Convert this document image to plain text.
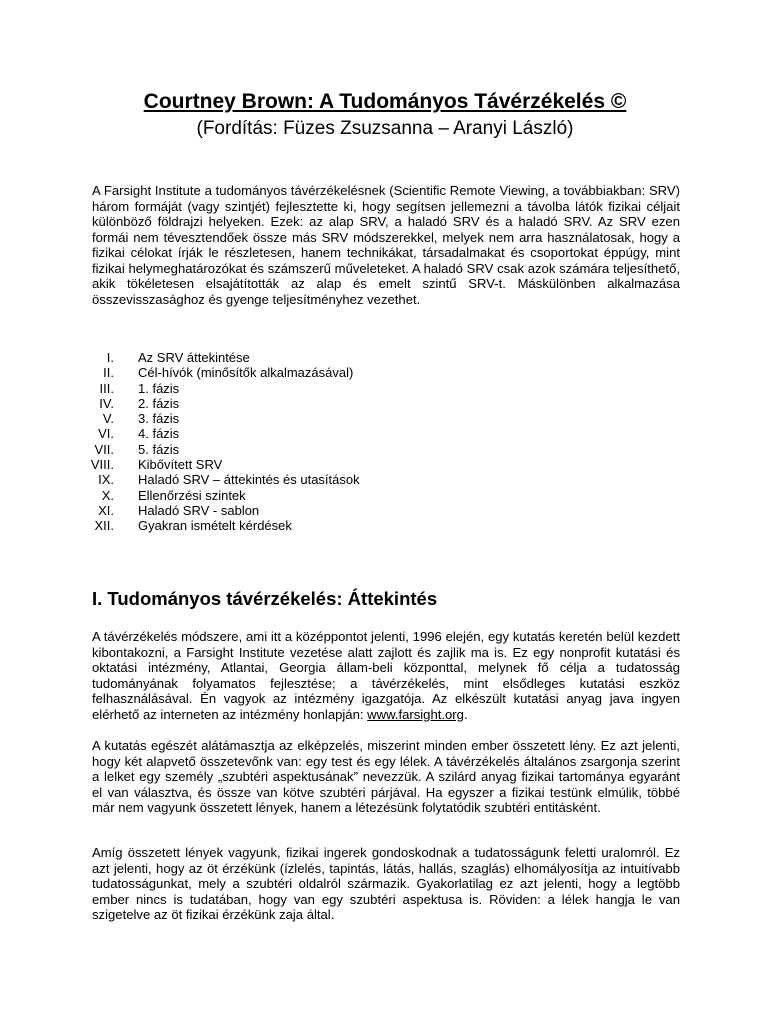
Courtney Brown: A Tudományos Távérzékelés ©

(Fordítás: Füzes Zsuzsanna – Aranyi László)

A Farsight Institute a tudományos távérzékelésnek (Scientific Remote Viewing, a továbbiakban: SRV) három formáját (vagy szintjét) fejlesztette ki, hogy segítsen jellemezni a távolba látók fizikai céljait különböző földrajzi helyeken. Ezek: az alap SRV, a haladó SRV és a haladó SRV. Az SRV ezen formái nem tévesztendőek össze más SRV módszerekkel, melyek nem arra használatosak, hogy a fizikai célokat írják le részletesen, hanem technikákat, társadalmakat és csoportokat éppúgy, mint fizikai helymeghatározókat és számszerű műveleteket. A haladó SRV csak azok számára teljesíthető, akik tökéletesen elsajátították az alap és emelt szintű SRV-t. Máskülönben alkalmazása összevisszasághoz és gyenge teljesítményhez vezethet.

I. Az SRV áttekintése
II. Cél-hívók (minősítők alkalmazásával)
III. 1. fázis
IV. 2. fázis
V. 3. fázis
VI. 4. fázis
VII. 5. fázis
VIII. Kibővített SRV
IX. Haladó SRV – áttekintés és utasítások
X. Ellenőrzési szintek
XI. Haladó SRV - sablon
XII. Gyakran ismételt kérdések
I. Tudományos távérzékelés: Áttekintés

A távérzékelés módszere, ami itt a középpontot jelenti, 1996 elején, egy kutatás keretén belül kezdett kibontakozni, a Farsight Institute vezetése alatt zajlott és zajlik ma is. Ez egy nonprofit kutatási és oktatási intézmény, Atlantai, Georgia állam-beli központtal, melynek fő célja a tudatosság tudományának folyamatos fejlesztése; a távérzékelés, mint elsődleges kutatási eszköz felhasználásával. Én vagyok az intézmény igazgatója. Az elkészült kutatási anyag java ingyen elérhető az interneten az intézmény honlapján: www.farsight.org.

A kutatás egészét alátámasztja az elképzelés, miszerint minden ember összetett lény. Ez azt jelenti, hogy két alapvető összetevőnk van: egy test és egy lélek. A távérzékelés általános zsargonja szerint a lelket egy személy „szubtéri aspektusának” nevezzük. A szilárd anyag fizikai tartománya egyaránt el van választva, és össze van kötve szubtéri párjával. Ha egyszer a fizikai testünk elmúlik, többé már nem vagyunk összetett lények, hanem a létezésünk folytatódik szubtéri entitásként.

Amíg összetett lények vagyunk, fizikai ingerek gondoskodnak a tudatosságunk feletti uralomról. Ez azt jelenti, hogy az öt érzékünk (ízlelés, tapintás, látás, hallás, szaglás) elhomályosítja az intuitívabb tudatosságunkat, mely a szubtéri oldalról származik. Gyakorlatilag ez azt jelenti, hogy a legtöbb ember nincs is tudatában, hogy van egy szubtéri aspektusa is. Röviden: a lélek hangja le van szigetelve az öt fizikai érzékünk zaja által.
